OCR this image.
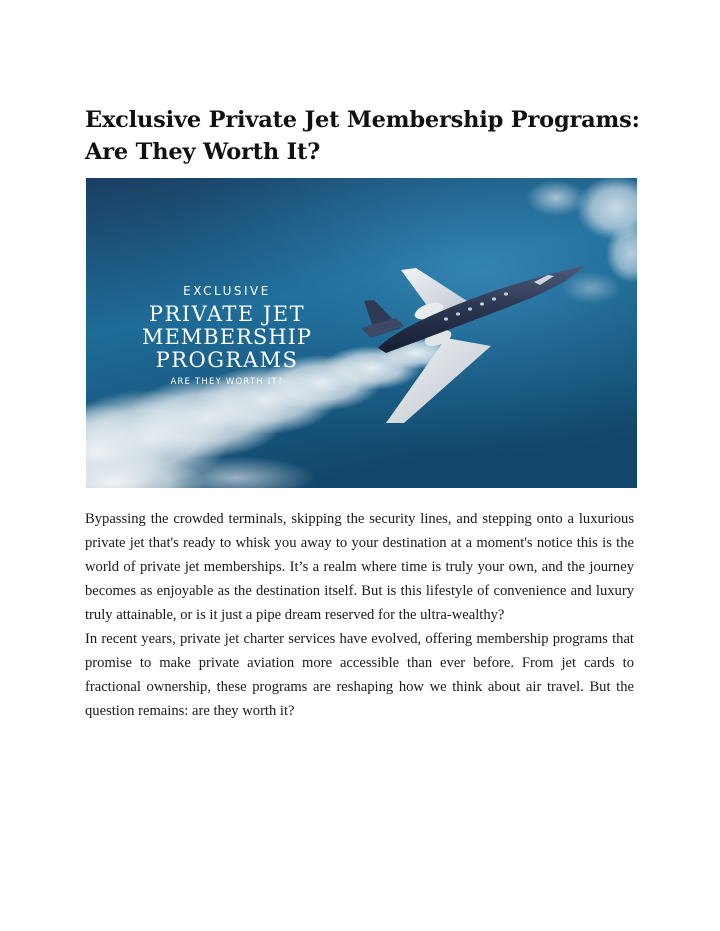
Exclusive Private Jet Membership Programs: Are They Worth It?
EXCLUSIVE
PRIVATE JET
MEMBERSHIP
PROGRAMS
ARE THEY WORTH IT?

Bypassing the crowded terminals, skipping the security lines, and stepping onto a luxurious private jet that's ready to whisk you away to your destination at a moment's notice this is the world of private jet memberships. It’s a realm where time is truly your own, and the journey becomes as enjoyable as the destination itself. But is this lifestyle of convenience and luxury truly attainable, or is it just a pipe dream reserved for the ultra-wealthy?

In recent years, private jet charter services have evolved, offering membership programs that promise to make private aviation more accessible than ever before. From jet cards to fractional ownership, these programs are reshaping how we think about air travel. But the question remains: are they worth it?
